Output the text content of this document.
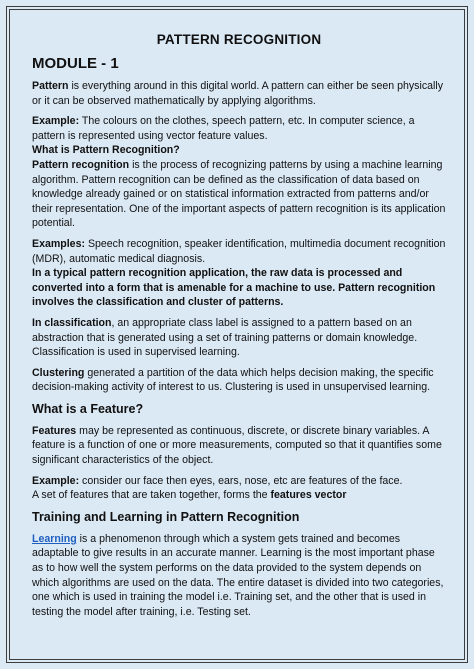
PATTERN RECOGNITION
MODULE - 1

Pattern is everything around in this digital world. A pattern can either be seen physically or it can be observed mathematically by applying algorithms.

Example: The colours on the clothes, speech pattern, etc. In computer science, a pattern is represented using vector feature values.

What is Pattern Recognition?

Pattern recognition is the process of recognizing patterns by using a machine learning algorithm. Pattern recognition can be defined as the classification of data based on knowledge already gained or on statistical information extracted from patterns and/or their representation. One of the important aspects of pattern recognition is its application potential.

Examples: Speech recognition, speaker identification, multimedia document recognition (MDR), automatic medical diagnosis.

In a typical pattern recognition application, the raw data is processed and converted into a form that is amenable for a machine to use. Pattern recognition involves the classification and cluster of patterns.

In classification, an appropriate class label is assigned to a pattern based on an abstraction that is generated using a set of training patterns or domain knowledge. Classification is used in supervised learning.

Clustering generated a partition of the data which helps decision making, the specific decision-making activity of interest to us. Clustering is used in unsupervised learning.

What is a Feature?

Features may be represented as continuous, discrete, or discrete binary variables. A feature is a function of one or more measurements, computed so that it quantifies some significant characteristics of the object.

Example: consider our face then eyes, ears, nose, etc are features of the face.

A set of features that are taken together, forms the features vector

Training and Learning in Pattern Recognition

Learning is a phenomenon through which a system gets trained and becomes adaptable to give results in an accurate manner. Learning is the most important phase as to how well the system performs on the data provided to the system depends on which algorithms are used on the data. The entire dataset is divided into two categories, one which is used in training the model i.e. Training set, and the other that is used in testing the model after training, i.e. Testing set.
